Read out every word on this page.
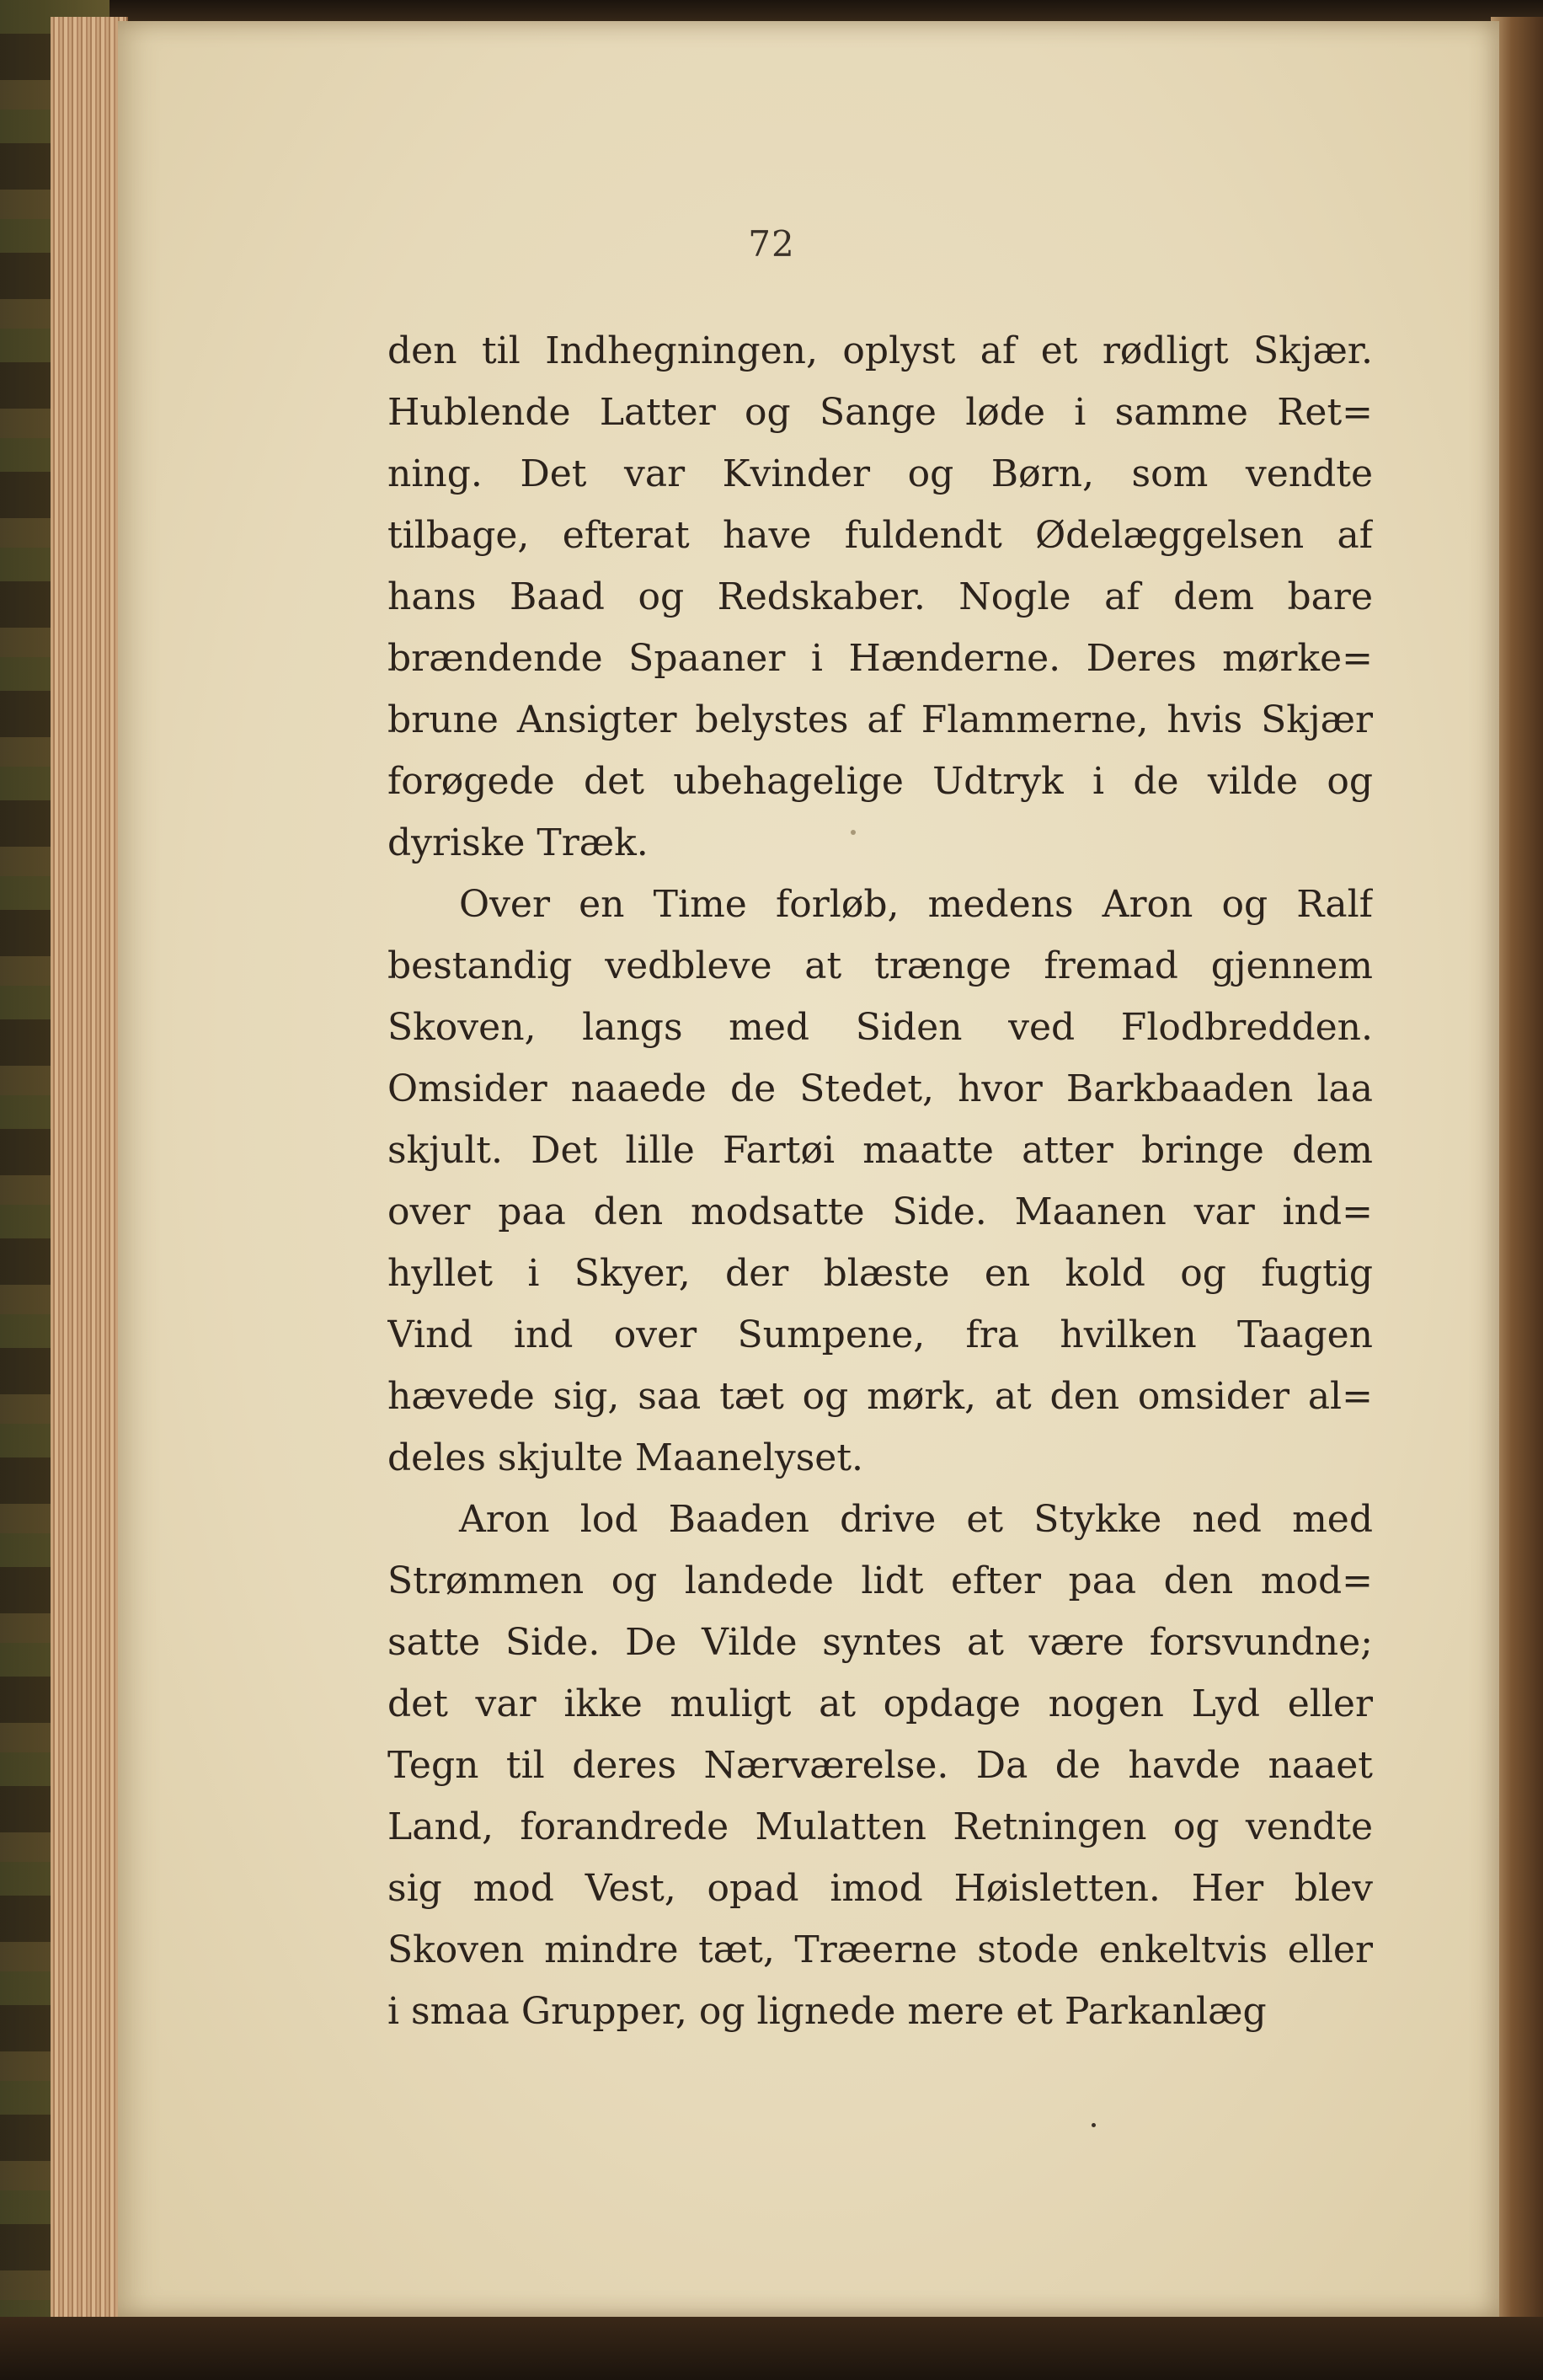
72
den til Indhegningen, oplyst af et rødligt Skjær.
Hublende Latter og Sange løde i samme Ret=
ning. Det var Kvinder og Børn, som vendte
tilbage, efterat have fuldendt Ødelæggelsen af
hans Baad og Redskaber. Nogle af dem bare
brændende Spaaner i Hænderne. Deres mørke=
brune Ansigter belystes af Flammerne, hvis Skjær
forøgede det ubehagelige Udtryk i de vilde og
dyriske Træk.
Over en Time forløb, medens Aron og Ralf
bestandig vedbleve at trænge fremad gjennem
Skoven, langs med Siden ved Flodbredden.
Omsider naaede de Stedet, hvor Barkbaaden laa
skjult. Det lille Fartøi maatte atter bringe dem
over paa den modsatte Side. Maanen var ind=
hyllet i Skyer, der blæste en kold og fugtig
Vind ind over Sumpene, fra hvilken Taagen
hævede sig, saa tæt og mørk, at den omsider al=
deles skjulte Maanelyset.
Aron lod Baaden drive et Stykke ned med
Strømmen og landede lidt efter paa den mod=
satte Side. De Vilde syntes at være forsvundne;
det var ikke muligt at opdage nogen Lyd eller
Tegn til deres Nærværelse. Da de havde naaet
Land, forandrede Mulatten Retningen og vendte
sig mod Vest, opad imod Høisletten. Her blev
Skoven mindre tæt, Træerne stode enkeltvis eller
i smaa Grupper, og lignede mere et Parkanlæg
